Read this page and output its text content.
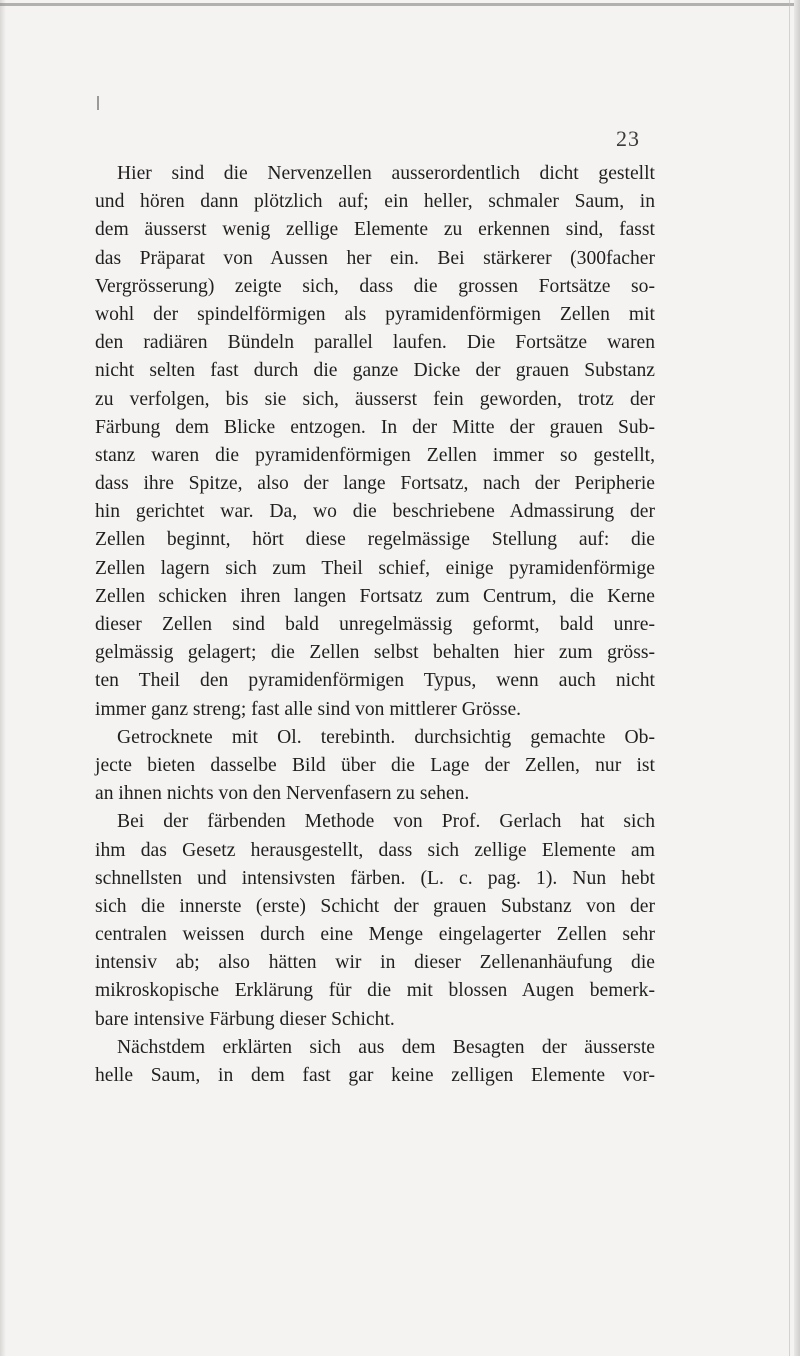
23
Hier sind die Nervenzellen ausserordentlich dicht gestellt
und hören dann plötzlich auf; ein heller, schmaler Saum, in
dem äusserst wenig zellige Elemente zu erkennen sind, fasst
das Präparat von Aussen her ein. Bei stärkerer (300facher
Vergrösserung) zeigte sich, dass die grossen Fortsätze so-
wohl der spindelförmigen als pyramidenförmigen Zellen mit
den radiären Bündeln parallel laufen. Die Fortsätze waren
nicht selten fast durch die ganze Dicke der grauen Substanz
zu verfolgen, bis sie sich, äusserst fein geworden, trotz der
Färbung dem Blicke entzogen. In der Mitte der grauen Sub-
stanz waren die pyramidenförmigen Zellen immer so gestellt,
dass ihre Spitze, also der lange Fortsatz, nach der Peripherie
hin gerichtet war. Da, wo die beschriebene Admassirung der
Zellen beginnt, hört diese regelmässige Stellung auf: die
Zellen lagern sich zum Theil schief, einige pyramidenförmige
Zellen schicken ihren langen Fortsatz zum Centrum, die Kerne
dieser Zellen sind bald unregelmässig geformt, bald unre-
gelmässig gelagert; die Zellen selbst behalten hier zum gröss-
ten Theil den pyramidenförmigen Typus, wenn auch nicht
immer ganz streng; fast alle sind von mittlerer Grösse.
Getrocknete mit Ol. terebinth. durchsichtig gemachte Ob-
jecte bieten dasselbe Bild über die Lage der Zellen, nur ist
an ihnen nichts von den Nervenfasern zu sehen.
Bei der färbenden Methode von Prof. Gerlach hat sich
ihm das Gesetz herausgestellt, dass sich zellige Elemente am
schnellsten und intensivsten färben. (L. c. pag. 1). Nun hebt
sich die innerste (erste) Schicht der grauen Substanz von der
centralen weissen durch eine Menge eingelagerter Zellen sehr
intensiv ab; also hätten wir in dieser Zellenanhäufung die
mikroskopische Erklärung für die mit blossen Augen bemerk-
bare intensive Färbung dieser Schicht.
Nächstdem erklärten sich aus dem Besagten der äusserste
helle Saum, in dem fast gar keine zelligen Elemente vor-
